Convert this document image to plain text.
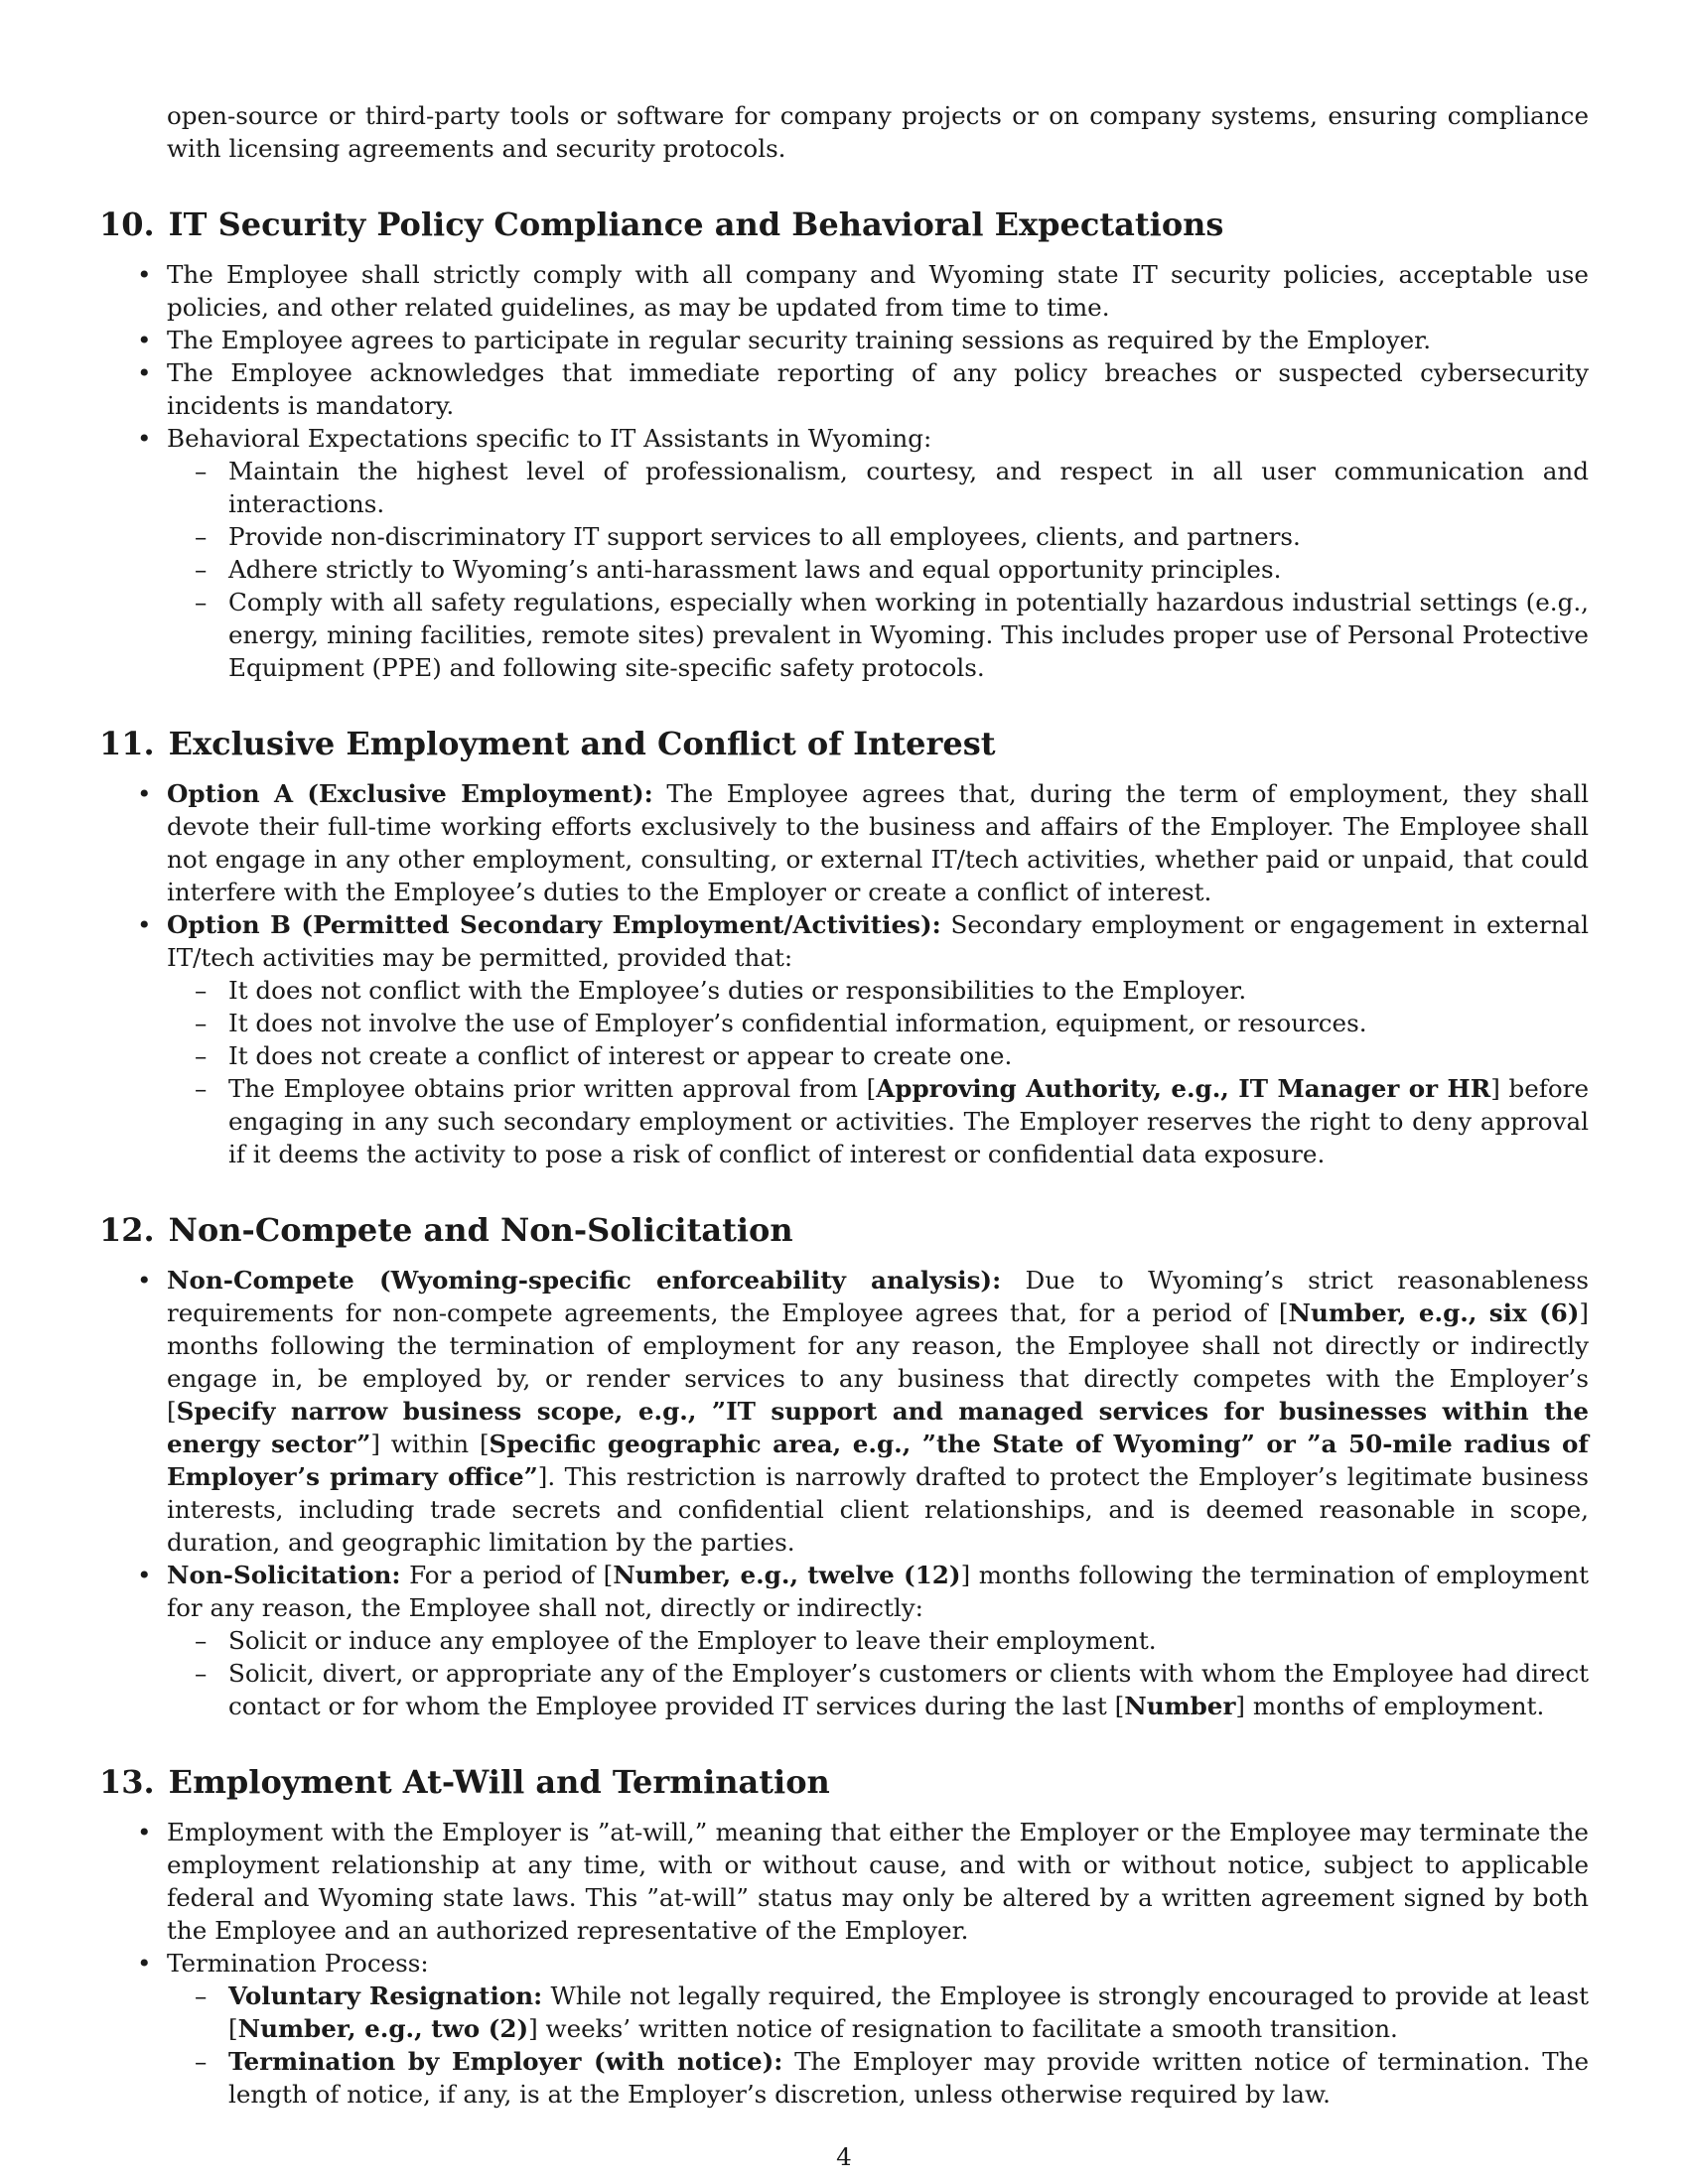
open-source or third-party tools or software for company projects or on company systems, ensuring compliance with licensing agreements and security protocols.

10. IT Security Policy Compliance and Behavioral Expectations
• The Employee shall strictly comply with all company and Wyoming state IT security policies, acceptable use policies, and other related guidelines, as may be updated from time to time.
• The Employee agrees to participate in regular security training sessions as required by the Employer.
• The Employee acknowledges that immediate reporting of any policy breaches or suspected cybersecurity incidents is mandatory.
• Behavioral Expectations specific to IT Assistants in Wyoming:
– Maintain the highest level of professionalism, courtesy, and respect in all user communication and interactions.
– Provide non-discriminatory IT support services to all employees, clients, and partners.
– Adhere strictly to Wyoming’s anti-harassment laws and equal opportunity principles.
– Comply with all safety regulations, especially when working in potentially hazardous industrial settings (e.g., energy, mining facilities, remote sites) prevalent in Wyoming. This includes proper use of Personal Protective Equipment (PPE) and following site-specific safety protocols.
11. Exclusive Employment and Conflict of Interest
• Option A (Exclusive Employment): The Employee agrees that, during the term of employment, they shall devote their full-time working efforts exclusively to the business and affairs of the Employer. The Employee shall not engage in any other employment, consulting, or external IT/tech activities, whether paid or unpaid, that could interfere with the Employee’s duties to the Employer or create a conflict of interest.
• Option B (Permitted Secondary Employment/Activities): Secondary employment or engagement in external IT/tech activities may be permitted, provided that:
– It does not conflict with the Employee’s duties or responsibilities to the Employer.
– It does not involve the use of Employer’s confidential information, equipment, or resources.
– It does not create a conflict of interest or appear to create one.
– The Employee obtains prior written approval from [Approving Authority, e.g., IT Manager or HR] before engaging in any such secondary employment or activities. The Employer reserves the right to deny approval if it deems the activity to pose a risk of conflict of interest or confidential data exposure.
12. Non-Compete and Non-Solicitation
• Non-Compete (Wyoming-specific enforceability analysis): Due to Wyoming’s strict reasonableness requirements for non-compete agreements, the Employee agrees that, for a period of [Number, e.g., six (6)] months following the termination of employment for any reason, the Employee shall not directly or indirectly engage in, be employed by, or render services to any business that directly competes with the Employer’s [Specify narrow business scope, e.g., ”IT support and managed services for businesses within the energy sector”] within [Specific geographic area, e.g., ”the State of Wyoming” or ”a 50-mile radius of Employer’s primary office”]. This restriction is narrowly drafted to protect the Employer’s legitimate business interests, including trade secrets and confidential client relationships, and is deemed reasonable in scope, duration, and geographic limitation by the parties.
• Non-Solicitation: For a period of [Number, e.g., twelve (12)] months following the termination of employment for any reason, the Employee shall not, directly or indirectly:
– Solicit or induce any employee of the Employer to leave their employment.
– Solicit, divert, or appropriate any of the Employer’s customers or clients with whom the Employee had direct contact or for whom the Employee provided IT services during the last [Number] months of employment.
13. Employment At-Will and Termination
• Employment with the Employer is ”at-will,” meaning that either the Employer or the Employee may terminate the employment relationship at any time, with or without cause, and with or without notice, subject to applicable federal and Wyoming state laws. This ”at-will” status may only be altered by a written agreement signed by both the Employee and an authorized representative of the Employer.
• Termination Process:
– Voluntary Resignation: While not legally required, the Employee is strongly encouraged to provide at least [Number, e.g., two (2)] weeks’ written notice of resignation to facilitate a smooth transition.
– Termination by Employer (with notice): The Employer may provide written notice of termination. The length of notice, if any, is at the Employer’s discretion, unless otherwise required by law.
4
